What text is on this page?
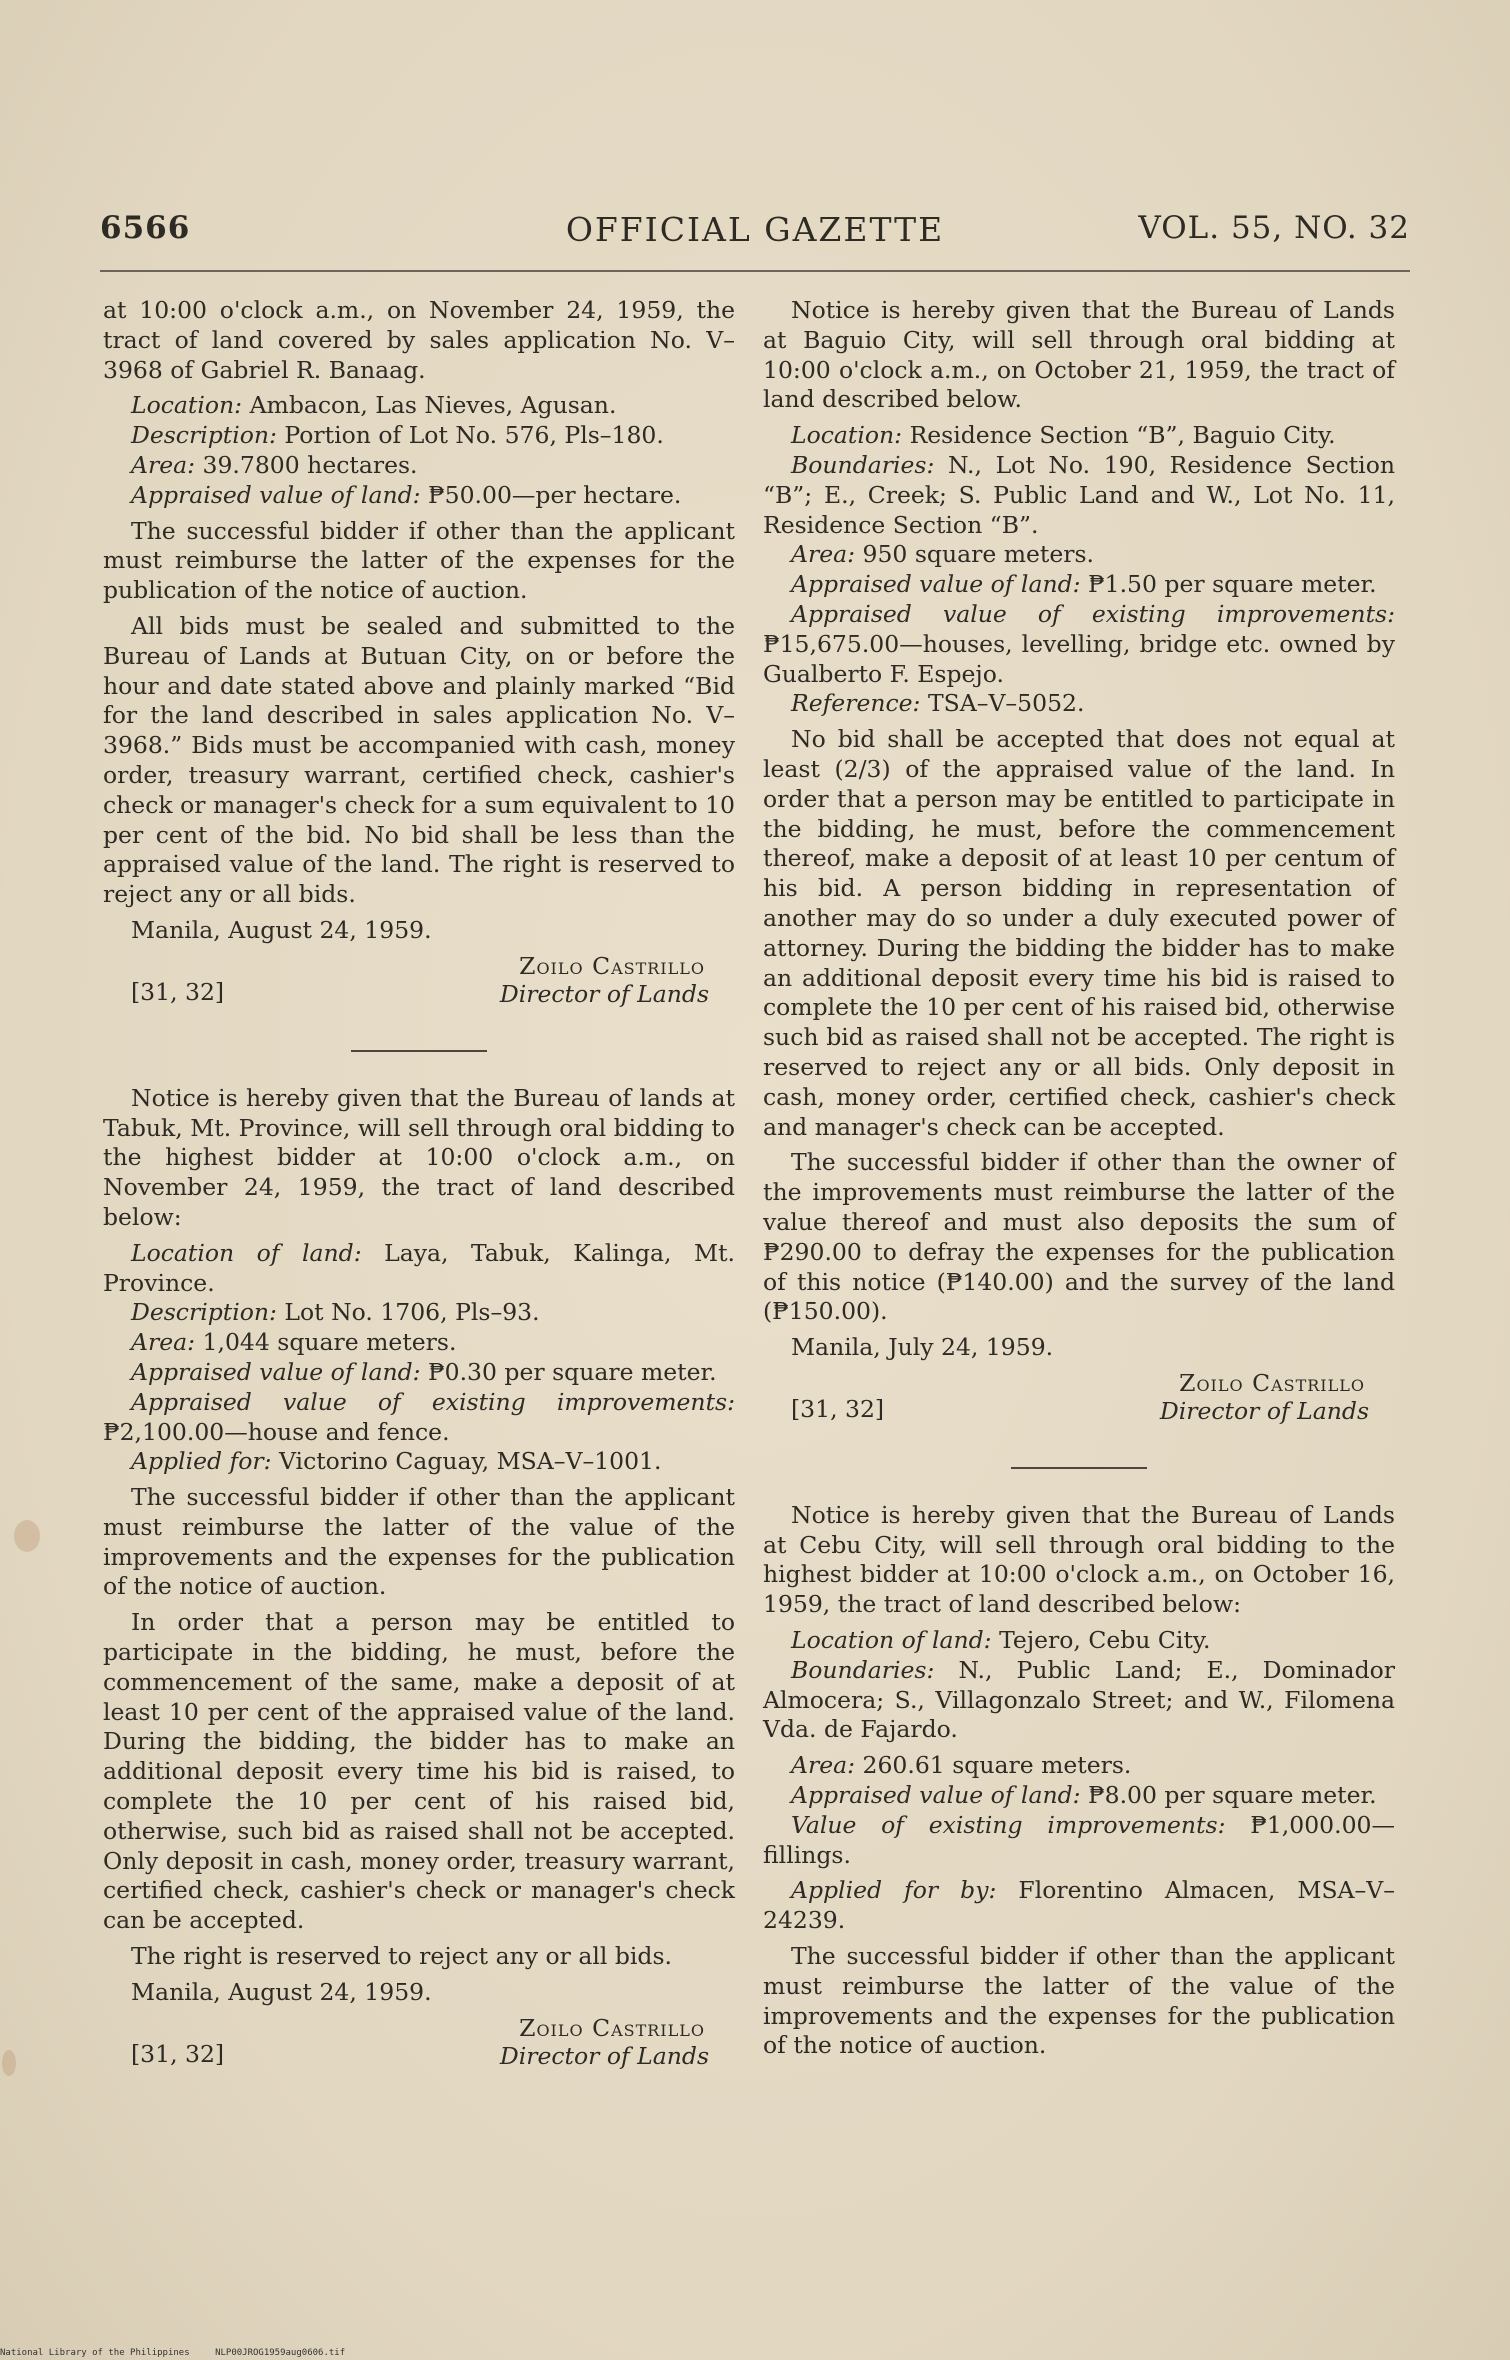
6566	OFFICIAL GAZETTE	VOL. 55, NO. 32

at 10:00 o'clock a.m., on November 24, 1959, the tract of land covered by sales application No. V–3968 of Gabriel R. Banaag.

Location: Ambacon, Las Nieves, Agusan.

Description: Portion of Lot No. 576, Pls–180.

Area: 39.7800 hectares.

Appraised value of land: ₱50.00—per hectare.

The successful bidder if other than the applicant must reimburse the latter of the expenses for the publication of the notice of auction.

All bids must be sealed and submitted to the Bureau of Lands at Butuan City, on or before the hour and date stated above and plainly marked “Bid for the land described in sales application No. V–3968.” Bids must be accompanied with cash, money order, treasury warrant, certified check, cashier's check or manager's check for a sum equivalent to 10 per cent of the bid. No bid shall be less than the appraised value of the land. The right is reserved to reject any or all bids.

Manila, August 24, 1959.

[31, 32]
Zoilo Castrillo
Director of Lands

Notice is hereby given that the Bureau of lands at Tabuk, Mt. Province, will sell through oral bidding to the highest bidder at 10:00 o'clock a.m., on November 24, 1959, the tract of land described below:

Location of land: Laya, Tabuk, Kalinga, Mt. Province.

Description: Lot No. 1706, Pls–93.

Area: 1,044 square meters.

Appraised value of land: ₱0.30 per square meter.

Appraised value of existing improvements: ₱2,100.00—house and fence.

Applied for: Victorino Caguay, MSA–V–1001.

The successful bidder if other than the applicant must reimburse the latter of the value of the improvements and the expenses for the publication of the notice of auction.

In order that a person may be entitled to participate in the bidding, he must, before the commencement of the same, make a deposit of at least 10 per cent of the appraised value of the land. During the bidding, the bidder has to make an additional deposit every time his bid is raised, to complete the 10 per cent of his raised bid, otherwise, such bid as raised shall not be accepted. Only deposit in cash, money order, treasury warrant, certified check, cashier's check or manager's check can be accepted.

The right is reserved to reject any or all bids.

Manila, August 24, 1959.

[31, 32]
Zoilo Castrillo
Director of Lands

Notice is hereby given that the Bureau of Lands at Baguio City, will sell through oral bidding at 10:00 o'clock a.m., on October 21, 1959, the tract of land described below.

Location: Residence Section “B”, Baguio City.

Boundaries: N., Lot No. 190, Residence Section “B”; E., Creek; S. Public Land and W., Lot No. 11, Residence Section “B”.

Area: 950 square meters.

Appraised value of land: ₱1.50 per square meter.

Appraised value of existing improvements: ₱15,675.00—houses, levelling, bridge etc. owned by Gualberto F. Espejo.

Reference: TSA–V–5052.

No bid shall be accepted that does not equal at least (2/3) of the appraised value of the land. In order that a person may be entitled to participate in the bidding, he must, before the commencement thereof, make a deposit of at least 10 per centum of his bid. A person bidding in representation of another may do so under a duly executed power of attorney. During the bidding the bidder has to make an additional deposit every time his bid is raised to complete the 10 per cent of his raised bid, otherwise such bid as raised shall not be accepted. The right is reserved to reject any or all bids. Only deposit in cash, money order, certified check, cashier's check and manager's check can be accepted.

The successful bidder if other than the owner of the improvements must reimburse the latter of the value thereof and must also deposits the sum of ₱290.00 to defray the expenses for the publication of this notice (₱140.00) and the survey of the land (₱150.00).

Manila, July 24, 1959.

[31, 32]
Zoilo Castrillo
Director of Lands

Notice is hereby given that the Bureau of Lands at Cebu City, will sell through oral bidding to the highest bidder at 10:00 o'clock a.m., on October 16, 1959, the tract of land described below:

Location of land: Tejero, Cebu City.

Boundaries: N., Public Land; E., Dominador Almocera; S., Villagonzalo Street; and W., Filomena Vda. de Fajardo.

Area: 260.61 square meters.

Appraised value of land: ₱8.00 per square meter.

Value of existing improvements: ₱1,000.00—fillings.

Applied for by: Florentino Almacen, MSA–V–24239.

The successful bidder if other than the applicant must reimburse the latter of the value of the improvements and the expenses for the publication of the notice of auction.

National Library of the Philippines	NLP00JROG1959aug0606.tif
